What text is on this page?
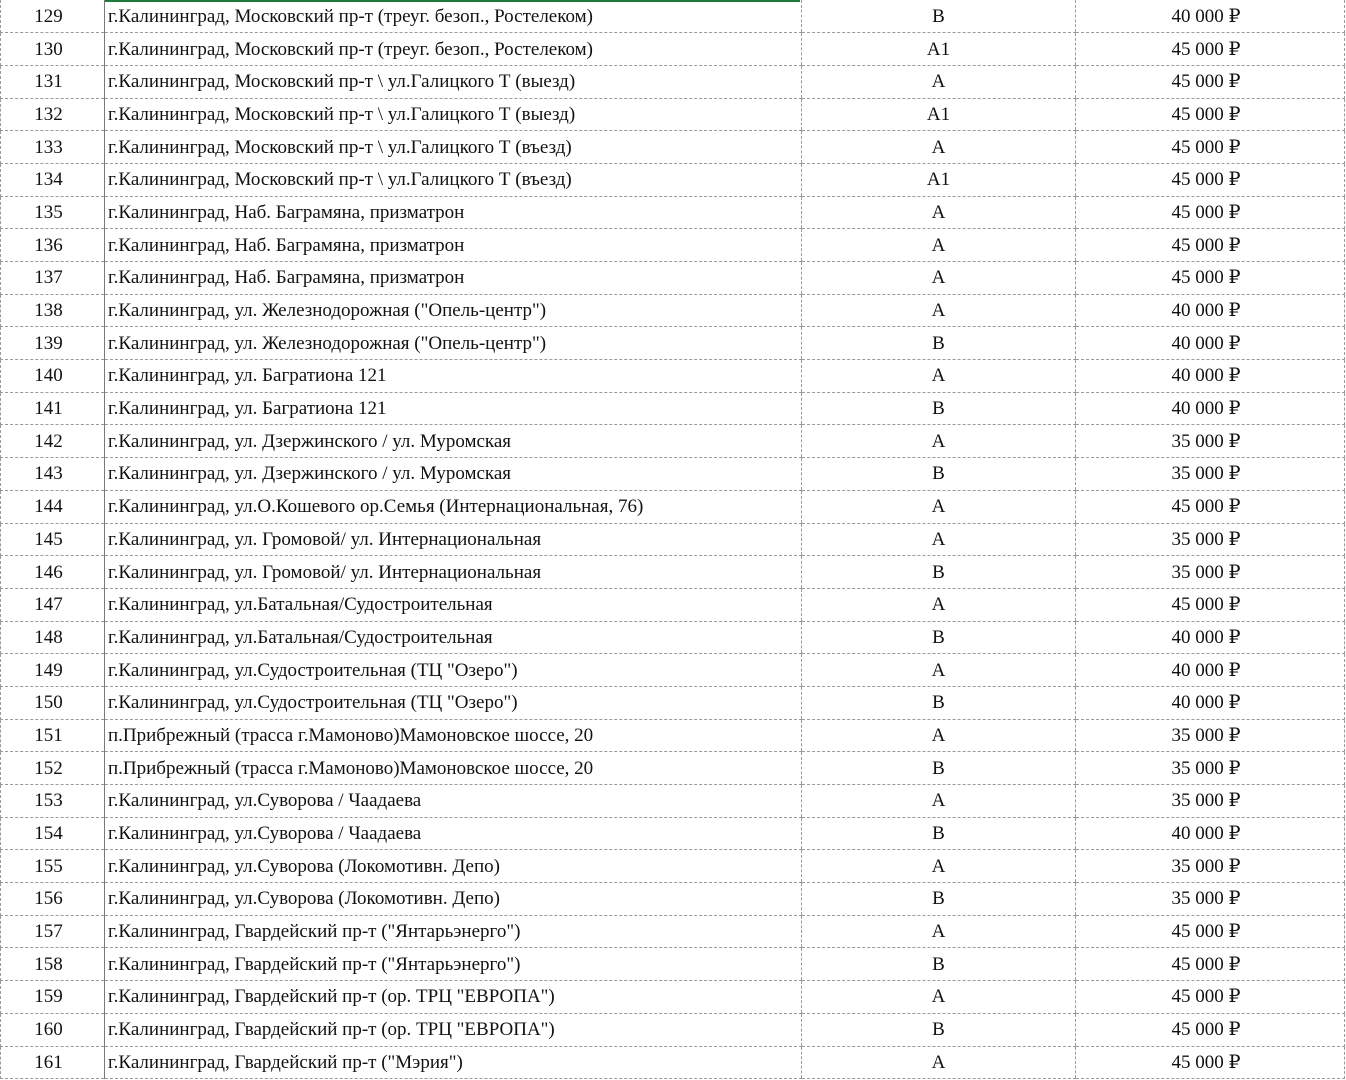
129	г.Калининград, Московский пр-т (треуг. безоп., Ростелеком)	B	40 000 ₽
130	г.Калининград, Московский пр-т (треуг. безоп., Ростелеком)	A1	45 000 ₽
131	г.Калининград, Московский пр-т \ ул.Галицкого Т (выезд)	A	45 000 ₽
132	г.Калининград, Московский пр-т \ ул.Галицкого Т (выезд)	A1	45 000 ₽
133	г.Калининград, Московский пр-т \ ул.Галицкого Т (въезд)	A	45 000 ₽
134	г.Калининград, Московский пр-т \ ул.Галицкого Т (въезд)	A1	45 000 ₽
135	г.Калининград, Наб. Баграмяна, призматрон	A	45 000 ₽
136	г.Калининград, Наб. Баграмяна, призматрон	A	45 000 ₽
137	г.Калининград, Наб. Баграмяна, призматрон	A	45 000 ₽
138	г.Калининград, ул. Железнодорожная ("Опель-центр")	A	40 000 ₽
139	г.Калининград, ул. Железнодорожная ("Опель-центр")	B	40 000 ₽
140	г.Калининград, ул. Багратиона 121	A	40 000 ₽
141	г.Калининград, ул. Багратиона 121	B	40 000 ₽
142	г.Калининград, ул. Дзержинского / ул. Муромская	A	35 000 ₽
143	г.Калининград, ул. Дзержинского / ул. Муромская	B	35 000 ₽
144	г.Калининград, ул.О.Кошевого ор.Семья (Интернациональная, 76)	A	45 000 ₽
145	г.Калининград, ул. Громовой/ ул. Интернациональная	A	35 000 ₽
146	г.Калининград, ул. Громовой/ ул. Интернациональная	B	35 000 ₽
147	г.Калининград, ул.Батальная/Судостроительная	A	45 000 ₽
148	г.Калининград, ул.Батальная/Судостроительная	B	40 000 ₽
149	г.Калининград, ул.Судостроительная (ТЦ "Озеро")	A	40 000 ₽
150	г.Калининград, ул.Судостроительная (ТЦ "Озеро")	B	40 000 ₽
151	п.Прибрежный (трасса г.Мамоново)Мамоновское шоссе, 20	A	35 000 ₽
152	п.Прибрежный (трасса г.Мамоново)Мамоновское шоссе, 20	B	35 000 ₽
153	г.Калининград, ул.Суворова / Чаадаева	A	35 000 ₽
154	г.Калининград, ул.Суворова / Чаадаева	B	40 000 ₽
155	г.Калининград, ул.Суворова (Локомотивн. Депо)	A	35 000 ₽
156	г.Калининград, ул.Суворова (Локомотивн. Депо)	B	35 000 ₽
157	г.Калининград, Гвардейский пр-т ("Янтарьэнерго")	A	45 000 ₽
158	г.Калининград, Гвардейский пр-т ("Янтарьэнерго")	B	45 000 ₽
159	г.Калининград, Гвардейский пр-т (ор. ТРЦ "ЕВРОПА")	A	45 000 ₽
160	г.Калининград, Гвардейский пр-т (ор. ТРЦ "ЕВРОПА")	B	45 000 ₽
161	г.Калининград, Гвардейский пр-т ("Мэрия")	A	45 000 ₽
